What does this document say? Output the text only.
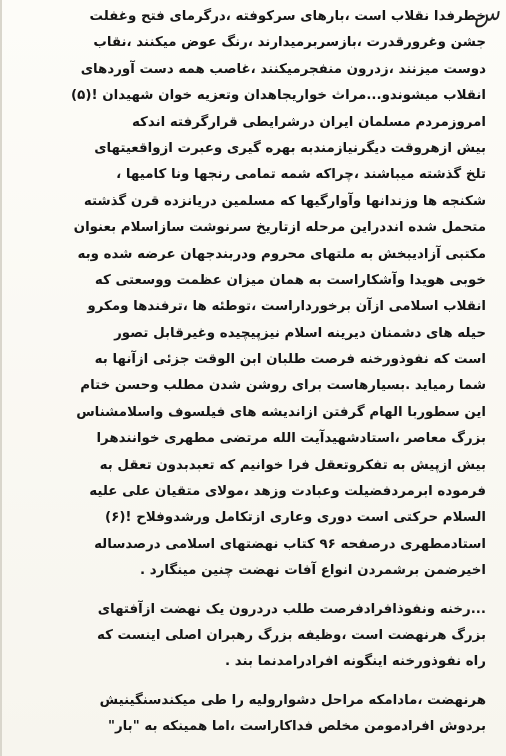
س
خطرفدا نقلاب است ،بارهای سرکوفته ،درگرمای فتح وغفلت
جشن وغرورقدرت ،بازسربرمیدارند ،رنگ عوض میکنند ،نقاب
دوست میزنند ،زدرون منفجرمیکنند ،غاصب همه دست آوردهای
انقلاب میشوندو...مراث خواریجاهدان وتعزیه خوان شهیدان !(۵)
امروزمردم مسلمان ایران درشرایطی قرارگرفته اندکه
بیش ازهروقت دیگرنیازمندبه بهره گیری وعبرت ازواقعیتهای
تلخ گذشته میباشند ،چراکه شمه تمامی رنجها ونا کامیها ،
شکنجه ها وزندانها وآوارگیها که مسلمین دریانزده قرن گذشته
متحمل شده انددراین مرحله ازتاریخ سرنوشت سازاسلام بعنوان
مکتبی آزادیبخش به ملتهای محروم ودربندجهان عرضه شده وبه
خوبی هویدا وآشکاراست به همان میزان عظمت ووسعتی که
انقلاب اسلامی ازآن برخورداراست ،توطئه ها ،ترفندها ومکرو
حیله های دشمنان دیرینه اسلام نیزپیچیده وغیرقابل تصور
است که نفوذورخنه فرصت طلبان ابن الوقت جزئی ازآنها به
شما رمیاید .بسیارهاست برای روشن شدن مطلب وحسن ختام
این سطوربا الهام گرفتن ازاندیشه های فیلسوف واسلامشناس
بزرگ معاصر ،استادشهیدآیت الله مرتضی مطهری خوانندهرا
بیش ازپیش به تفکروتعقل فرا خوانیم که تعبدبدون تعقل به
فرموده ابرمردفضیلت وعبادت وزهد ،مولای متقیان علی علیه
السلام حرکتی است دوری وعاری ازتکامل ورشدوفلاح !(۶)
استادمطهری درصفحه ۹۶ کتاب نهضتهای اسلامی درصدساله
اخیرضمن برشمردن انواع آفات نهضت چنین مینگارد .
...رخنه ونفوذافرادفرصت طلب دردرون یک نهضت ازآفتهای
بزرگ هرنهضت است ،وظیفه بزرگ رهبران اصلی اینست که
راه نفوذورخنه اینگونه افرادرامدنما بند .
هرنهضت ،مادامکه مراحل دشوارولیه را طی میکندسنگینیش
بردوش افرادمومن مخلص فداکاراست ،اما همینکه به "بار"
